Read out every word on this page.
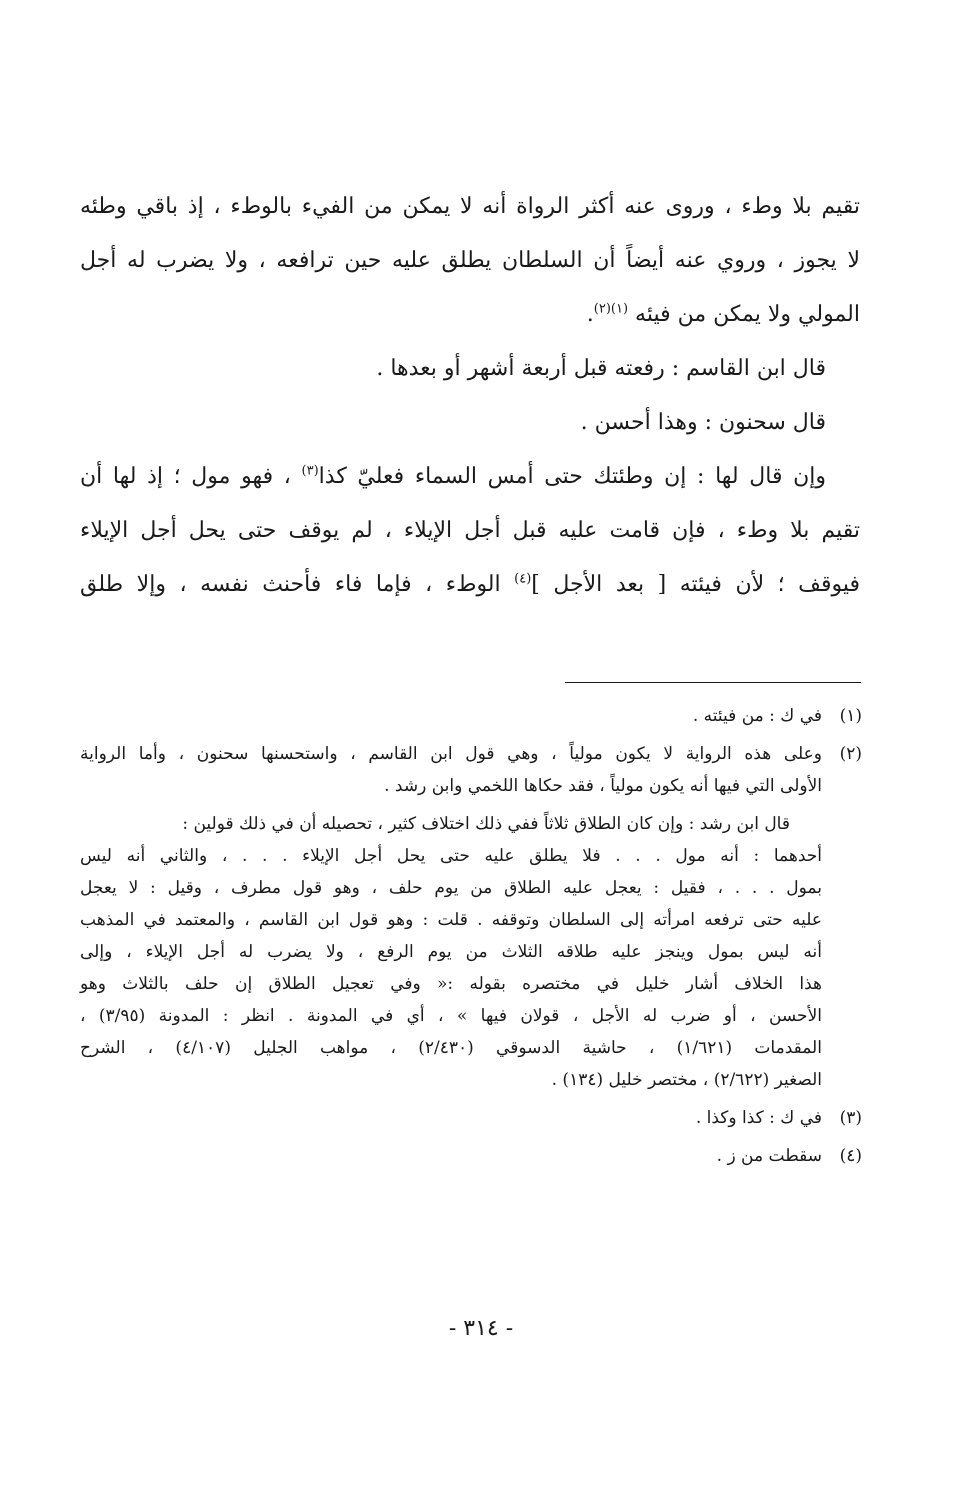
تقيم بلا وطء ، وروى عنه أكثر الرواة أنه لا يمكن من الفيء بالوطء ، إذ باقي وطئه

لا يجوز ، وروي عنه أيضاً أن السلطان يطلق عليه حين ترافعه ، ولا يضرب له أجل

المولي ولا يمكن من فيئه $^{(١)(٢)}$.

قال ابن القاسم : رفعته قبل أربعة أشهر أو بعدها .

قال سحنون : وهذا أحسن .

وإن قال لها : إن وطئتك حتى أمس السماء فعليّ كذا$^{(٣)}$ ، فهو مول ؛ إذ لها أن

تقيم بلا وطء ، فإن قامت عليه قبل أجل الإيلاء ، لم يوقف حتى يحل أجل الإيلاء

فيوقف ؛ لأن فيئته [ بعد الأجل ]$^{(٤)}$ الوطء ، فإما فاء فأحنث نفسه ، وإلا طلق

(١)
في ك : من فيئته .
(٢)
وعلى هذه الرواية لا يكون مولياً ، وهي قول ابن القاسم ، واستحسنها سحنون ، وأما الرواية
الأولى التي فيها أنه يكون مولياً ، فقد حكاها اللخمي وابن رشد .
قال ابن رشد : وإن كان الطلاق ثلاثاً ففي ذلك اختلاف كثير ، تحصيله أن في ذلك قولين :
أحدهما : أنه مول . . . فلا يطلق عليه حتى يحل أجل الإيلاء . . . ، والثاني أنه ليس
بمول . . . ، فقيل : يعجل عليه الطلاق من يوم حلف ، وهو قول مطرف ، وقيل : لا يعجل
عليه حتى ترفعه امرأته إلى السلطان وتوقفه . قلت : وهو قول ابن القاسم ، والمعتمد في المذهب
أنه ليس بمول وينجز عليه طلاقه الثلاث من يوم الرفع ، ولا يضرب له أجل الإيلاء ، وإلى
هذا الخلاف أشار خليل في مختصره بقوله :« وفي تعجيل الطلاق إن حلف بالثلاث وهو
الأحسن ، أو ضرب له الأجل ، قولان فيها » ، أي في المدونة . انظر : المدونة (٣/٩٥) ،
المقدمات (١/٦٢١) ، حاشية الدسوقي (٢/٤٣٠) ، مواهب الجليل (٤/١٠٧) ، الشرح
الصغير (٢/٦٢٢) ، مختصر خليل (١٣٤) .
(٣)
في ك : كذا وكذا .
(٤)
سقطت من ز .
- ٣١٤ -
